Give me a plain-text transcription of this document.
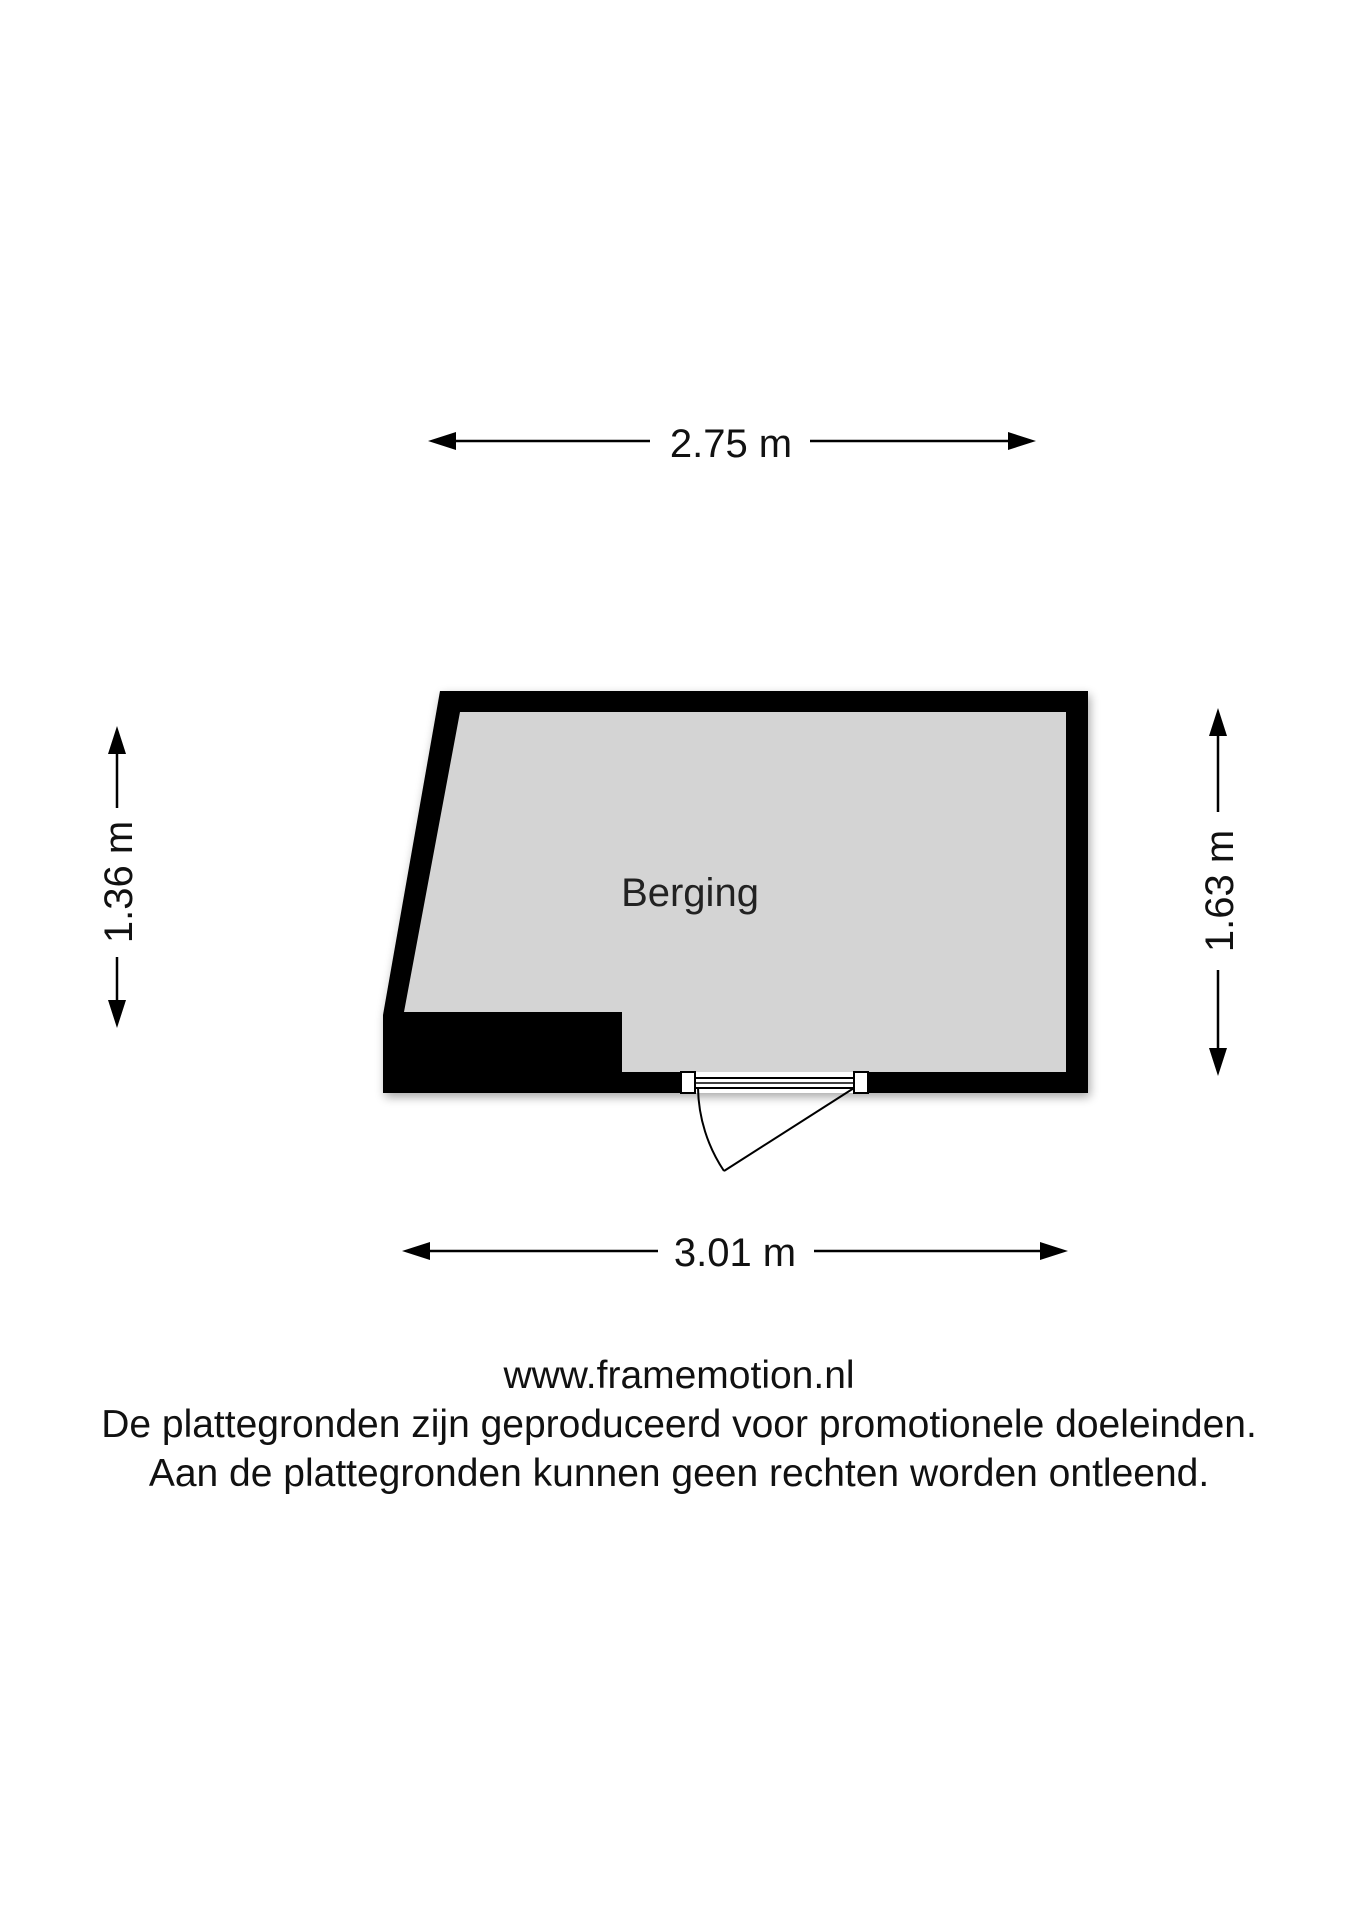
Berging
2.75 m
3.01 m
1.36 m	1.63 m

www.framemotion.nl

De plattegronden zijn geproduceerd voor promotionele doeleinden.

Aan de plattegronden kunnen geen rechten worden ontleend.
